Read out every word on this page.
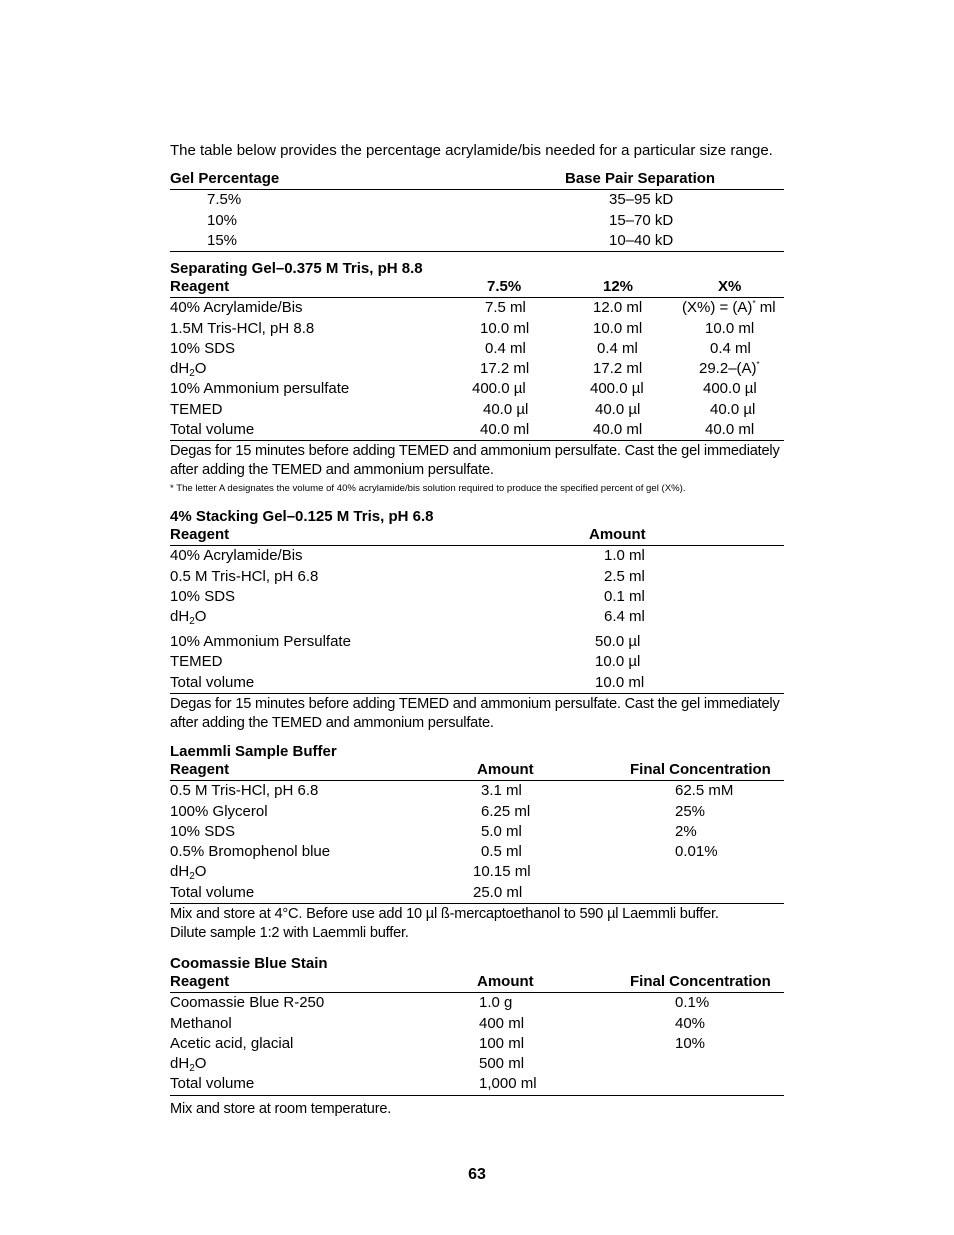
The table below provides the percentage acrylamide/bis needed for a particular size range.
Gel Percentage	Base Pair Separation
7.5%	35–95 kD
10%	15–70 kD
15%	10–40 kD
Separating Gel–0.375 M Tris, pH 8.8
Reagent	7.5%	12%	X%
40% Acrylamide/Bis	7.5 ml	12.0 ml	(X%) = (A)* ml
1.5M Tris-HCl, pH 8.8	10.0 ml	10.0 ml	10.0 ml
10% SDS	0.4 ml	0.4 ml	0.4 ml
$dH_2O$	17.2 ml	17.2 ml	29.2–(A)*
10% Ammonium persulfate	400.0 µl	400.0 µl	400.0 µl
TEMED	40.0 µl	40.0 µl	40.0 µl
Total volume	40.0 ml	40.0 ml	40.0 ml
Degas for 15 minutes before adding TEMED and ammonium persulfate. Cast the gel immediately
after adding the TEMED and ammonium persulfate.
* The letter A designates the volume of 40% acrylamide/bis solution required to produce the specified percent of gel (X%).
4% Stacking Gel–0.125 M Tris, pH 6.8
Reagent	Amount
40% Acrylamide/Bis	1.0 ml
0.5 M Tris-HCl, pH 6.8	2.5 ml
10% SDS	0.1 ml
$dH_2O$	6.4 ml
10% Ammonium Persulfate	50.0 µl
TEMED	10.0 µl
Total volume	10.0 ml
Degas for 15 minutes before adding TEMED and ammonium persulfate. Cast the gel immediately
after adding the TEMED and ammonium persulfate.
Laemmli Sample Buffer
Reagent	Amount	Final Concentration
0.5 M Tris-HCl, pH 6.8	3.1 ml	62.5 mM
100% Glycerol	6.25 ml	25%
10% SDS	5.0 ml	2%
0.5% Bromophenol blue	0.5 ml	0.01%
$dH_2O$	10.15 ml
Total volume	25.0 ml
Mix and store at 4°C. Before use add 10 µl ß-mercaptoethanol to 590 µl Laemmli buffer.
Dilute sample 1:2 with Laemmli buffer.
Coomassie Blue Stain
Reagent	Amount	Final Concentration
Coomassie Blue R-250	1.0 g	0.1%
Methanol	400 ml	40%
Acetic acid, glacial	100 ml	10%
$dH_2O$	500 ml
Total volume	1,000 ml
Mix and store at room temperature.
63
